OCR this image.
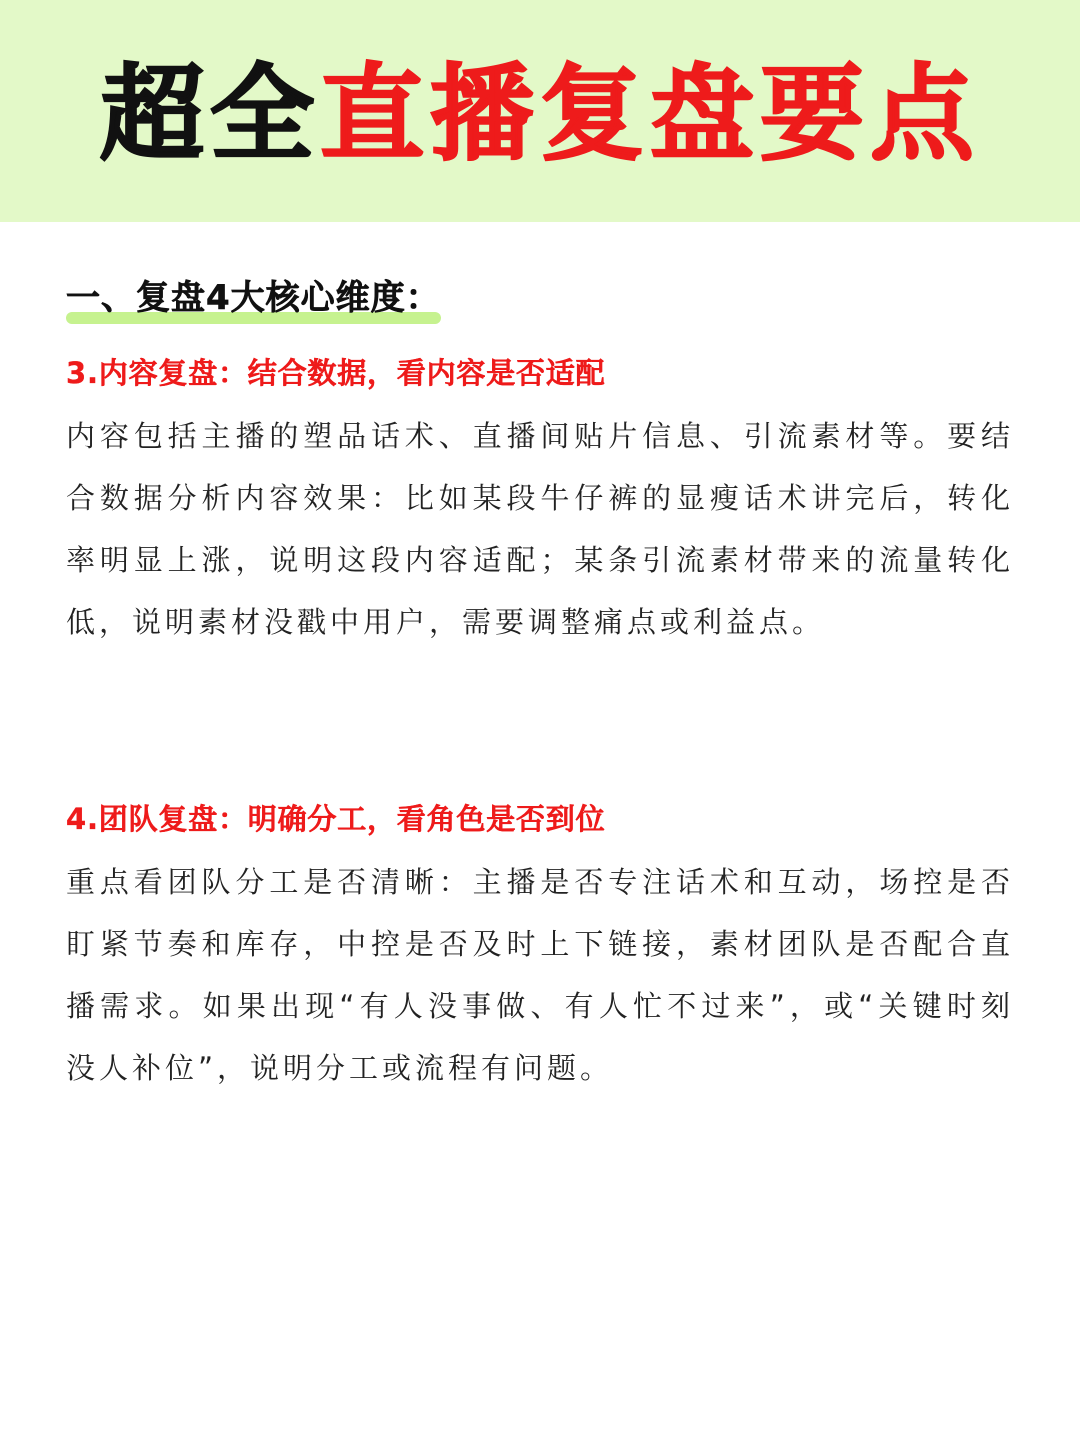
超全 直播复盘要点
一、复盘4大核心维度：
3.内容复盘：结合数据，看内容是否适配

内容包括主播的塑品话术、直播间贴片信息、引流素材等。要结合数据分析内容效果：比如某段牛仔裤的显瘦话术讲完后，转化率明显上涨，说明这段内容适配；某条引流素材带来的流量转化低，说明素材没戳中用户，需要调整痛点或利益点。

4.团队复盘：明确分工，看角色是否到位

重点看团队分工是否清晰：主播是否专注话术和互动，场控是否盯紧节奏和库存，中控是否及时上下链接，素材团队是否配合直播需求。如果出现“有人没事做、有人忙不过来”，或“关键时刻没人补位”，说明分工或流程有问题。
